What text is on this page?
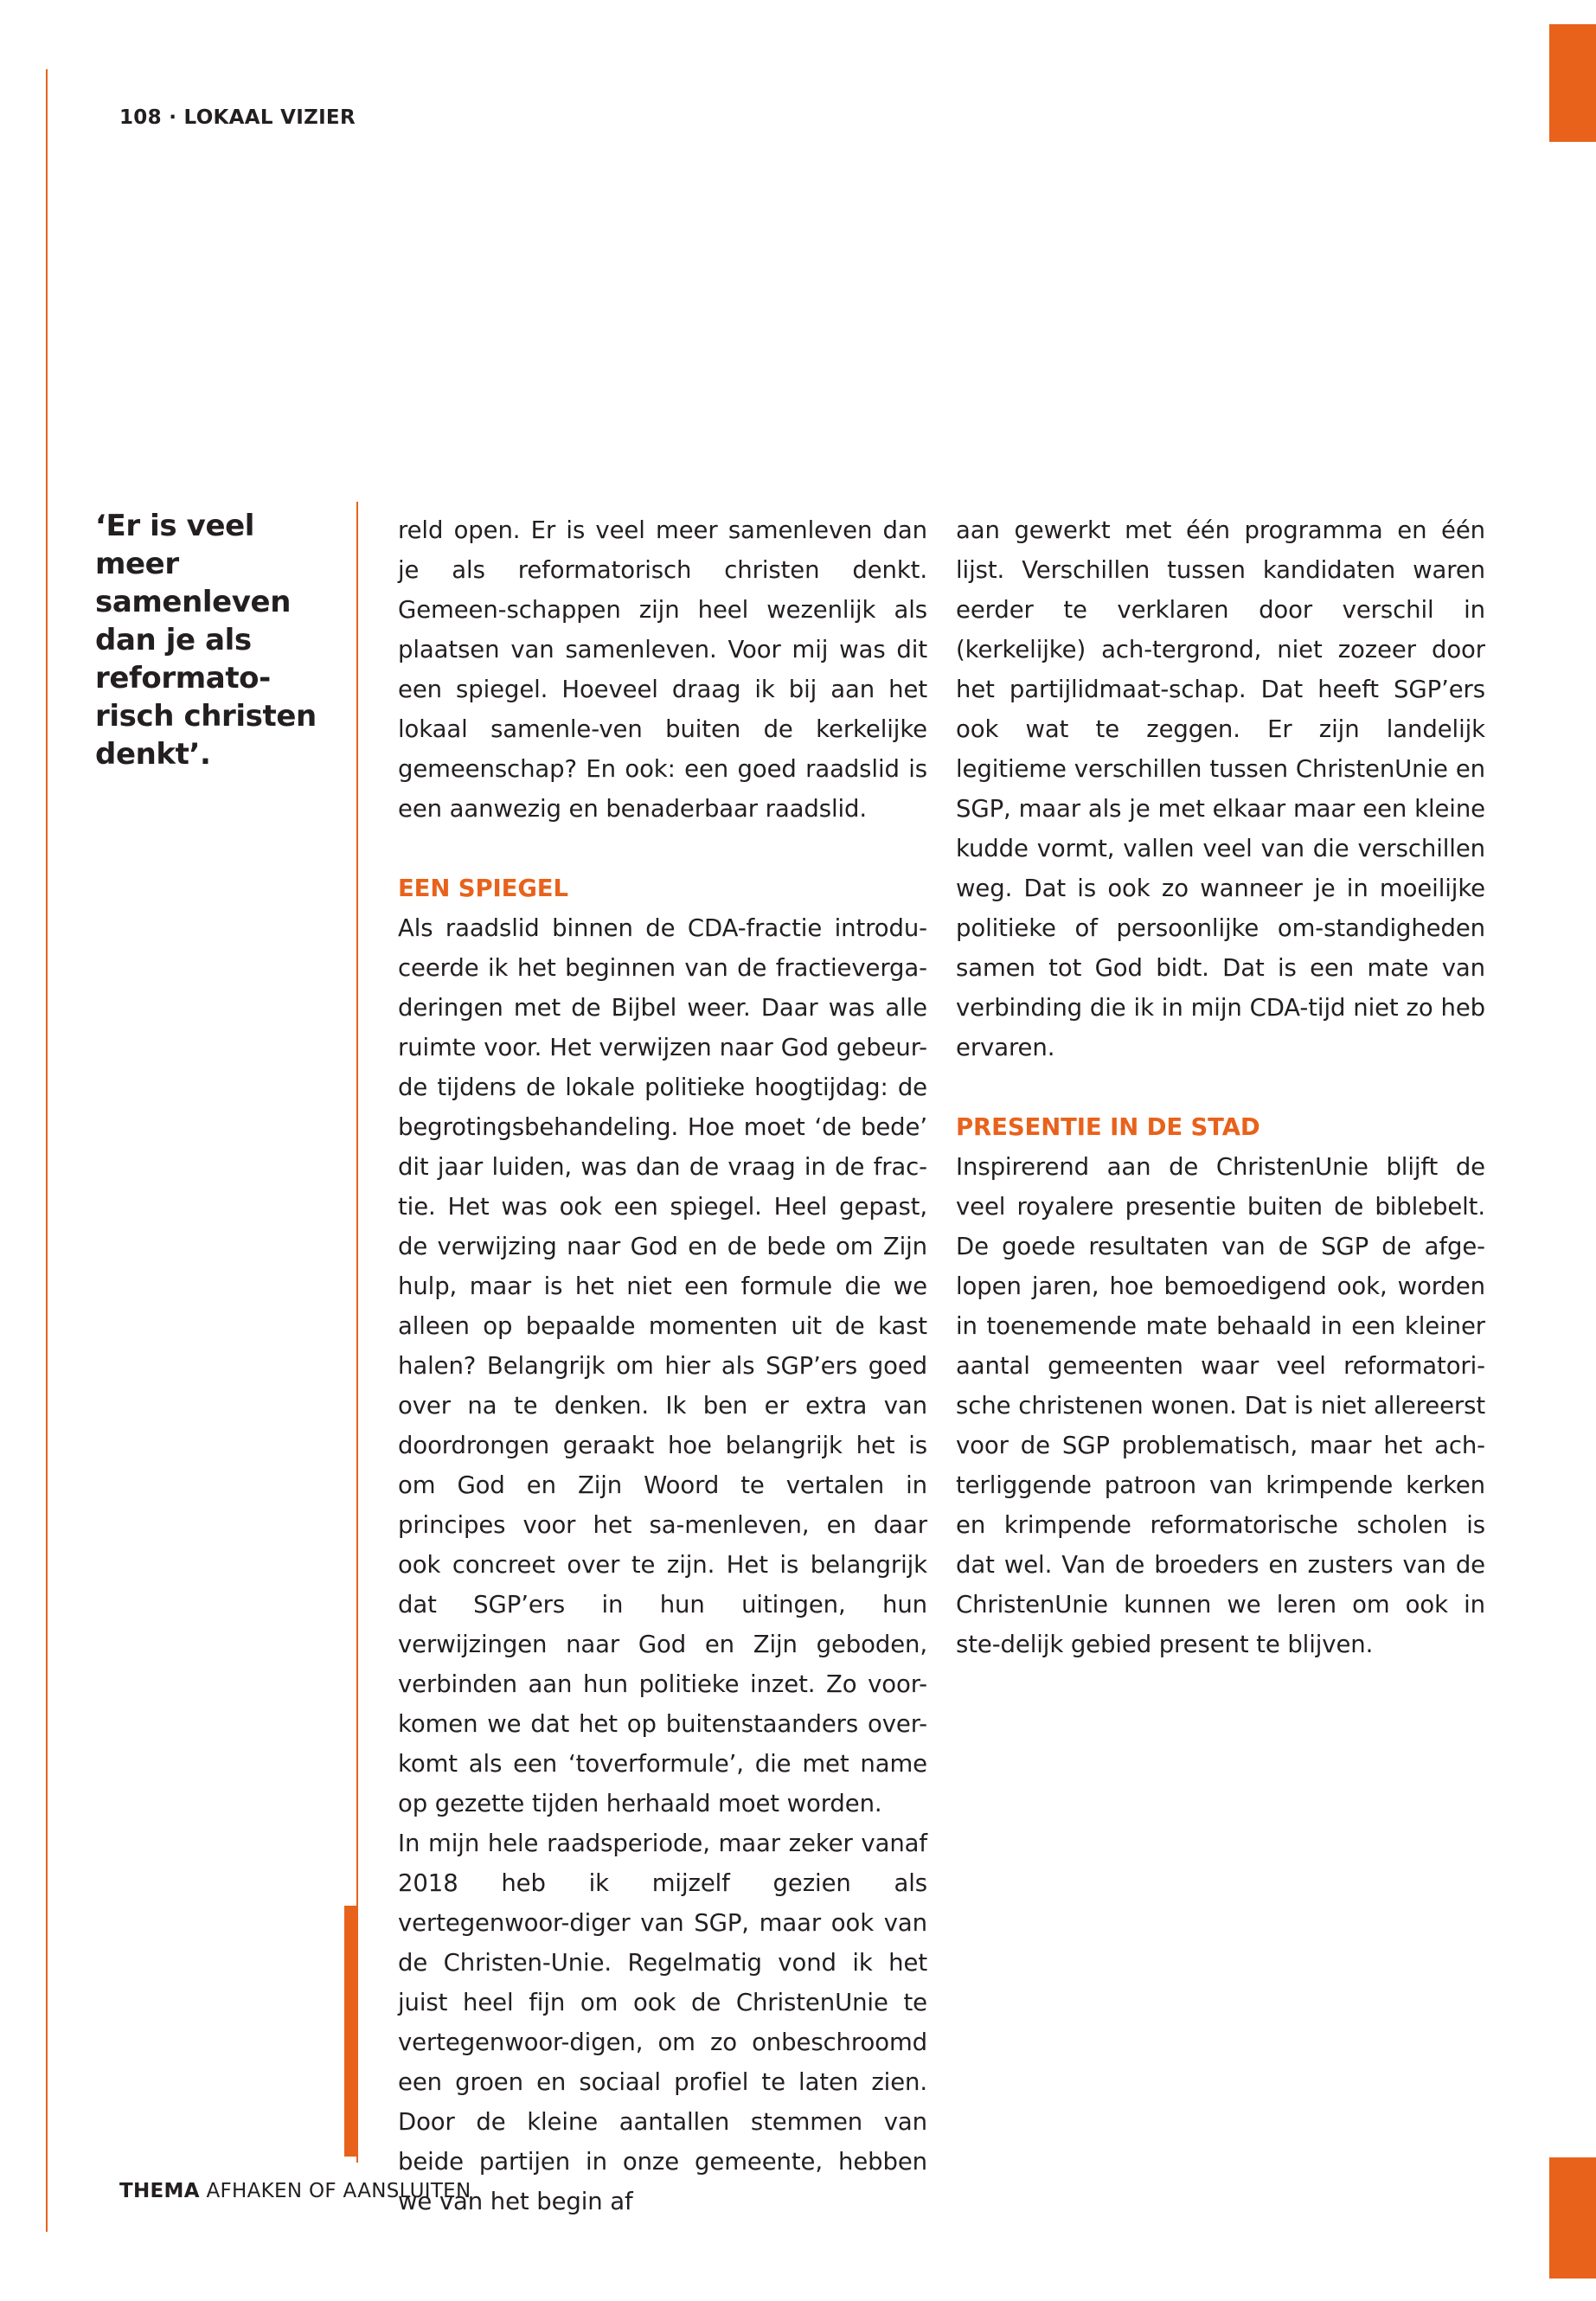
108 · LOKAAL VIZIER

‘Er is veel meer samenleven dan je als reformato-risch christen denkt’.

reld open. Er is veel meer samenleven dan je als reformatorisch christen denkt. Gemeen-schappen zijn heel wezenlijk als plaatsen van samenleven. Voor mij was dit een spiegel. Hoeveel draag ik bij aan het lokaal samenle-ven buiten de kerkelijke gemeenschap? En ook: een goed raadslid is een aanwezig en benaderbaar raadslid.

EEN SPIEGEL

Als raadslid binnen de CDA-fractie introdu-ceerde ik het beginnen van de fractieverga-deringen met de Bijbel weer. Daar was alle ruimte voor. Het verwijzen naar God gebeur-de tijdens de lokale politieke hoogtijdag: de begrotingsbehandeling. Hoe moet ‘de bede’ dit jaar luiden, was dan de vraag in de frac-tie. Het was ook een spiegel. Heel gepast, de verwijzing naar God en de bede om Zijn hulp, maar is het niet een formule die we alleen op bepaalde momenten uit de kast halen? Belangrijk om hier als SGP’ers goed over na te denken. Ik ben er extra van doordrongen geraakt hoe belangrijk het is om God en Zijn Woord te vertalen in principes voor het sa-menleven, en daar ook concreet over te zijn. Het is belangrijk dat SGP’ers in hun uitingen, hun verwijzingen naar God en Zijn geboden, verbinden aan hun politieke inzet. Zo voor-komen we dat het op buitenstaanders over-komt als een ‘toverformule’, die met name op gezette tijden herhaald moet worden.

In mijn hele raadsperiode, maar zeker vanaf 2018 heb ik mijzelf gezien als vertegenwoor-diger van SGP, maar ook van de Christen-Unie. Regelmatig vond ik het juist heel fijn om ook de ChristenUnie te vertegenwoor-digen, om zo onbeschroomd een groen en sociaal profiel te laten zien. Door de kleine aantallen stemmen van beide partijen in onze gemeente, hebben we van het begin af

aan gewerkt met één programma en één lijst. Verschillen tussen kandidaten waren eerder te verklaren door verschil in (kerkelijke) ach-tergrond, niet zozeer door het partijlidmaat-schap. Dat heeft SGP’ers ook wat te zeggen. Er zijn landelijk legitieme verschillen tussen ChristenUnie en SGP, maar als je met elkaar maar een kleine kudde vormt, vallen veel van die verschillen weg. Dat is ook zo wanneer je in moeilijke politieke of persoonlijke om-standigheden samen tot God bidt. Dat is een mate van verbinding die ik in mijn CDA-tijd niet zo heb ervaren.

PRESENTIE IN DE STAD

Inspirerend aan de ChristenUnie blijft de veel royalere presentie buiten de biblebelt. De goede resultaten van de SGP de afge-lopen jaren, hoe bemoedigend ook, worden in toenemende mate behaald in een kleiner aantal gemeenten waar veel reformatori-sche christenen wonen. Dat is niet allereerst voor de SGP problematisch, maar het ach-terliggende patroon van krimpende kerken en krimpende reformatorische scholen is dat wel. Van de broeders en zusters van de ChristenUnie kunnen we leren om ook in ste-delijk gebied present te blijven.

THEMA AFHAKEN OF AANSLUITEN
